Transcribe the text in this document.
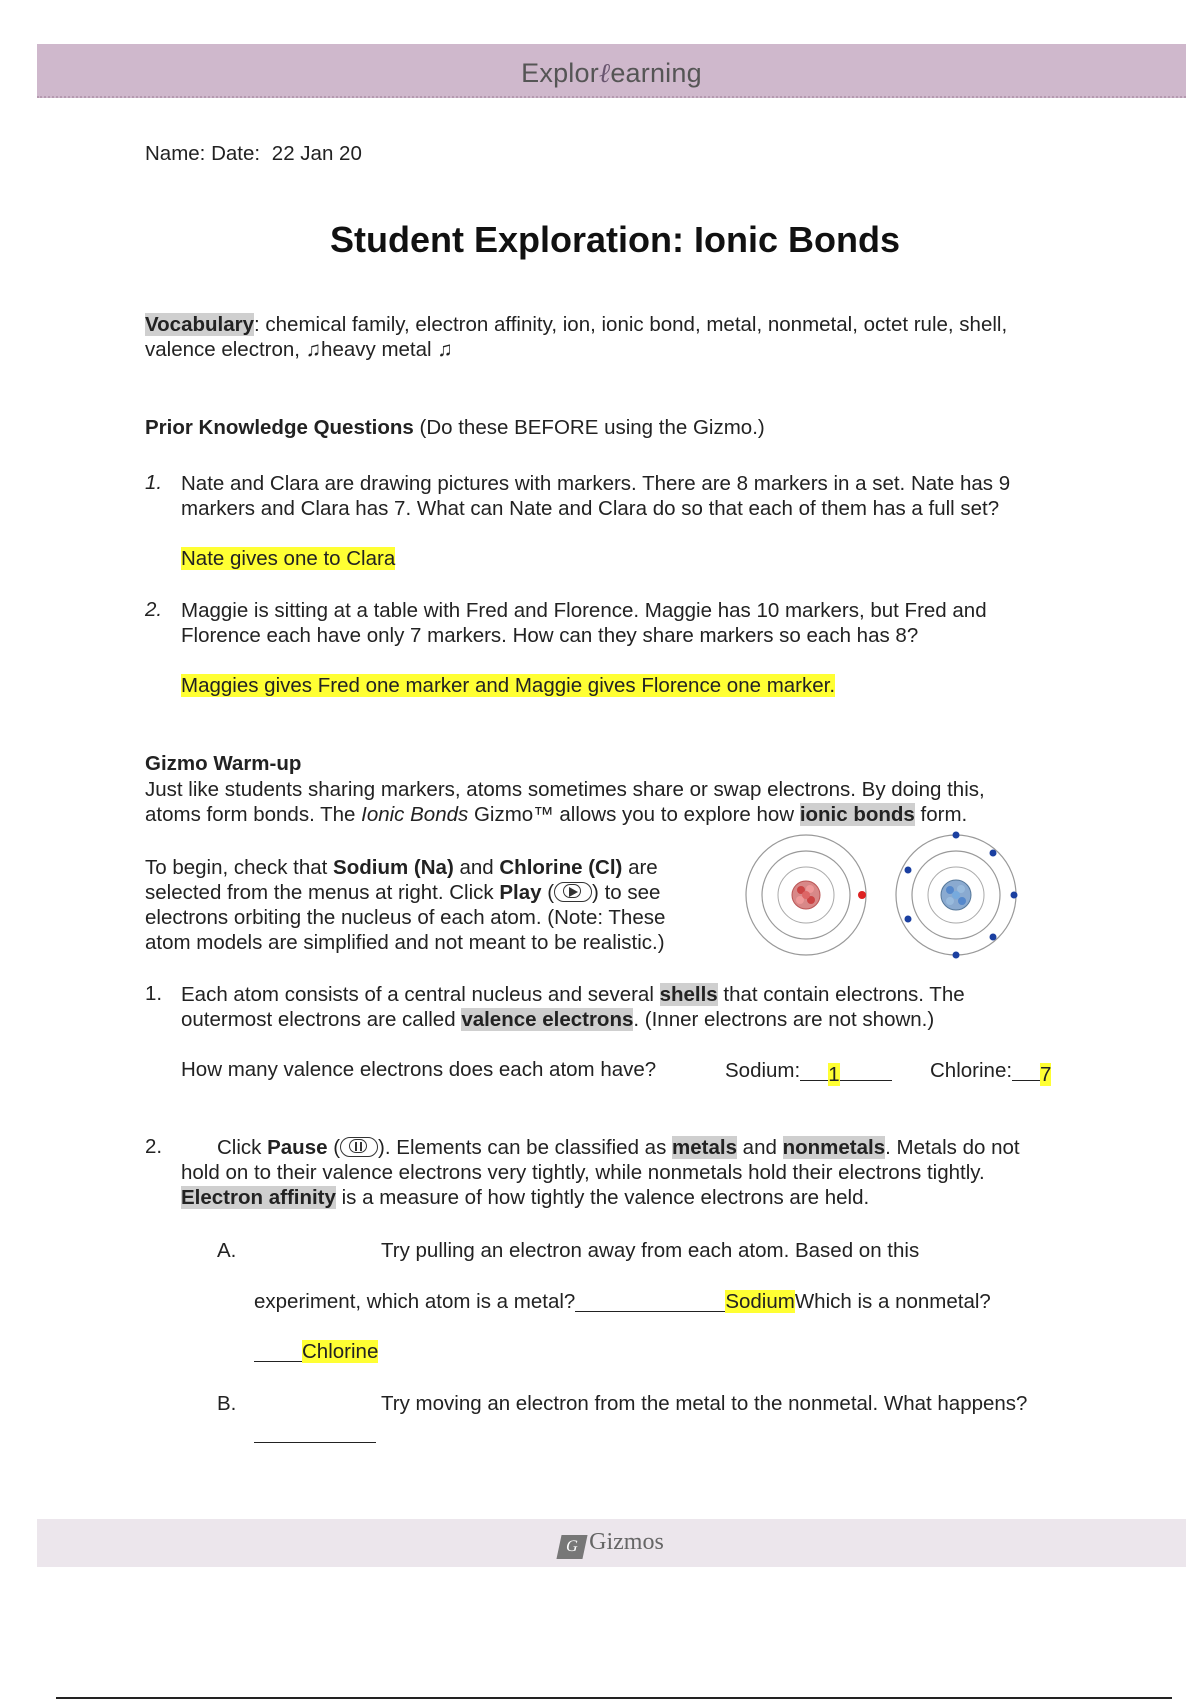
Explorℓearning
Name: Date: 22 Jan 20
Student Exploration: Ionic Bonds

Vocabulary: chemical family, electron affinity, ion, ionic bond, metal, nonmetal, octet rule, shell,

valence electron, ♫heavy metal ♫

Prior Knowledge Questions (Do these BEFORE using the Gizmo.)
1. Nate and Clara are drawing pictures with markers. There are 8 markers in a set. Nate has 9

markers and Clara has 7. What can Nate and Clara do so that each of them has a full set?

Nate gives one to Clara
2. Maggie is sitting at a table with Fred and Florence. Maggie has 10 markers, but Fred and

Florence each have only 7 markers. How can they share markers so each has 8?

Maggies gives Fred one marker and Maggie gives Florence one marker.
Gizmo Warm-up

Just like students sharing markers, atoms sometimes share or swap electrons. By doing this,

atoms form bonds. The Ionic Bonds Gizmo™ allows you to explore how ionic bonds form.

To begin, check that Sodium (Na) and Chlorine (Cl) are

selected from the menus at right. Click Play ( ) to see

electrons orbiting the nucleus of each atom. (Note: These

atom models are simplified and not meant to be realistic.)

1. Each atom consists of a central nucleus and several shells that contain electrons. The

outermost electrons are called valence electrons. (Inner electrons are not shown.)

How many valence electrons does each atom have?	Sodium: 1	Chlorine: 7
2.	Click Pause ( ). Elements can be classified as metals and nonmetals. Metals do not

hold on to their valence electrons very tightly, while nonmetals hold their electrons tightly.

Electron affinity is a measure of how tightly the valence electrons are held.

A.	Try pulling an electron away from each atom. Based on this
experiment, which atom is a metal?	SodiumWhich is a nonmetal?
Chlorine
B.	Try moving an electron from the metal to the nonmetal. What happens?
G Gizmos
